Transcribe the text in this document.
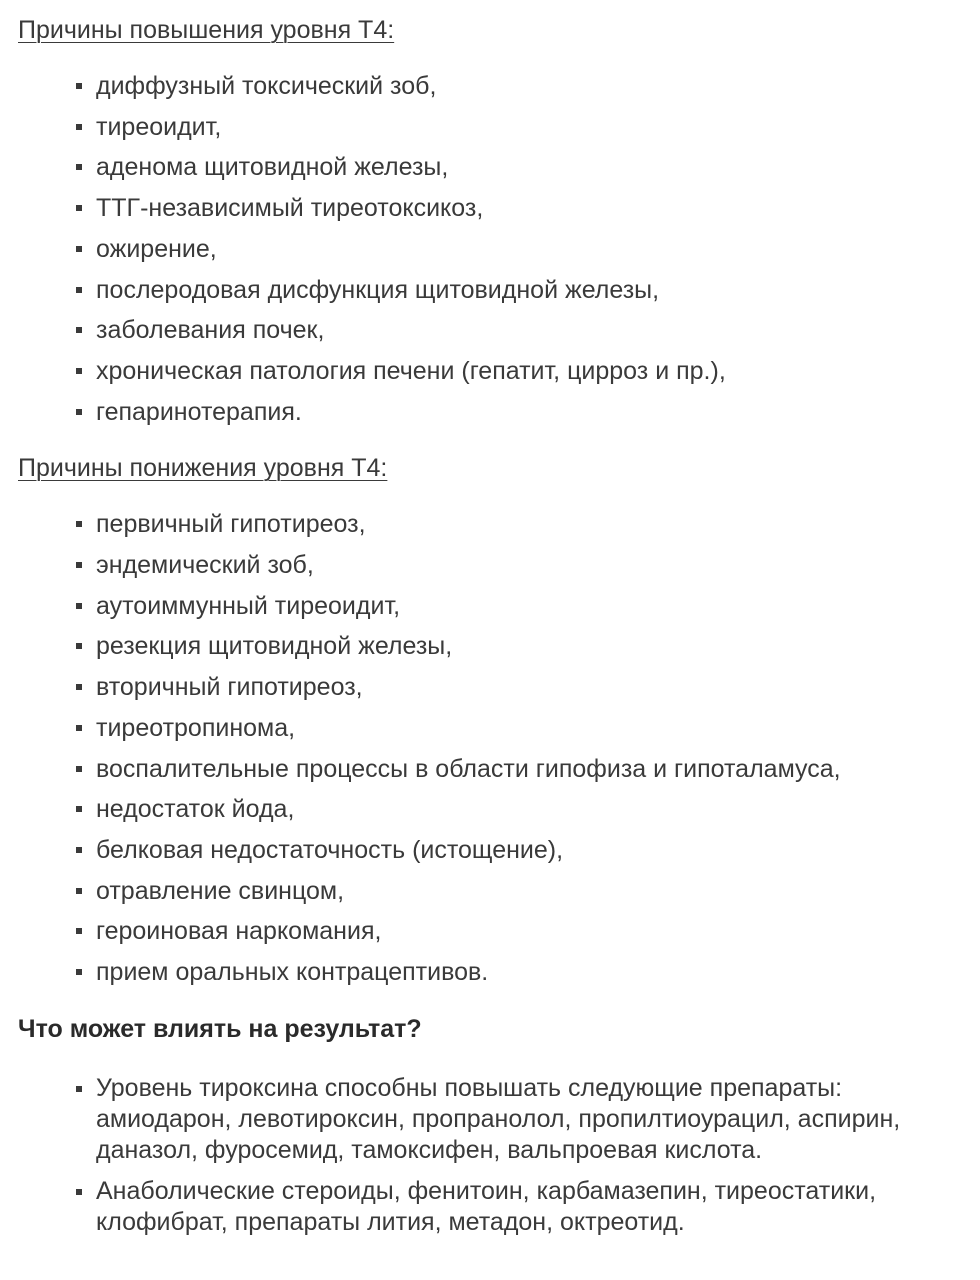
Причины повышения уровня Т4:
диффузный токсический зоб,
тиреоидит,
аденома щитовидной железы,
ТТГ-независимый тиреотоксикоз,
ожирение,
послеродовая дисфункция щитовидной железы,
заболевания почек,
хроническая патология печени (гепатит, цирроз и пр.),
гепаринотерапия.
Причины понижения уровня Т4:
первичный гипотиреоз,
эндемический зоб,
аутоиммунный тиреоидит,
резекция щитовидной железы,
вторичный гипотиреоз,
тиреотропинома,
воспалительные процессы в области гипофиза и гипоталамуса,
недостаток йода,
белковая недостаточность (истощение),
отравление свинцом,
героиновая наркомания,
прием оральных контрацептивов.
Что может влиять на результат?
Уровень тироксина способны повышать следующие препараты: амиодарон, левотироксин, пропранолол, пропилтиоурацил, аспирин, даназол, фуросемид, тамоксифен, вальпроевая кислота.
Анаболические стероиды, фенитоин, карбамазепин, тиреостатики, клофибрат, препараты лития, метадон, октреотид.
